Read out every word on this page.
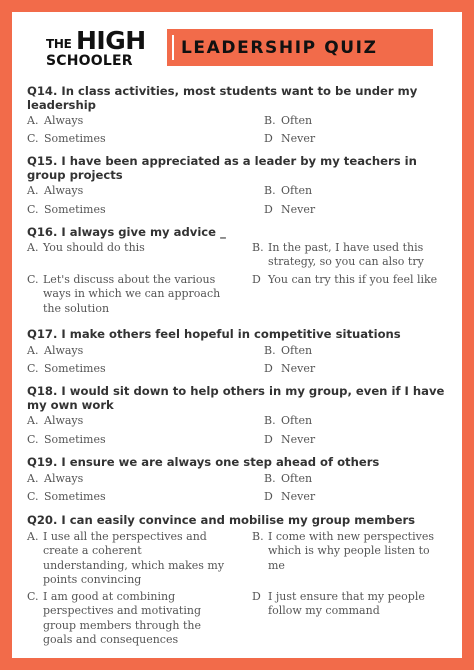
THE HIGH
SCHOOLER
LEADERSHIP QUIZ
Q14. In class activities, most students want to be under my leadership
A. Always	B. Often
C. Sometimes	D Never
Q15. I have been appreciated as a leader by my teachers in group projects
A. Always	B. Often
C. Sometimes	D Never
Q16. I always give my advice _
A. You should do this	B. In the past, I have used this strategy, so you can also try
C. Let's discuss about the various ways in which we can approach the solution
D You can try this if you feel like
Q17. I make others feel hopeful in competitive situations
A. Always	B. Often
C. Sometimes	D Never
Q18. I would sit down to help others in my group, even if I have my own work
A. Always	B. Often
C. Sometimes	D Never
Q19. I ensure we are always one step ahead of others
A. Always	B. Often
C. Sometimes	D Never
Q20. I can easily convince and mobilise my group members
A. I use all the perspectives and create a coherent understanding, which makes my points convincing
B. I come with new perspectives which is why people listen to me
C. I am good at combining perspectives and motivating group members through the goals and consequences
D I just ensure that my people follow my command
